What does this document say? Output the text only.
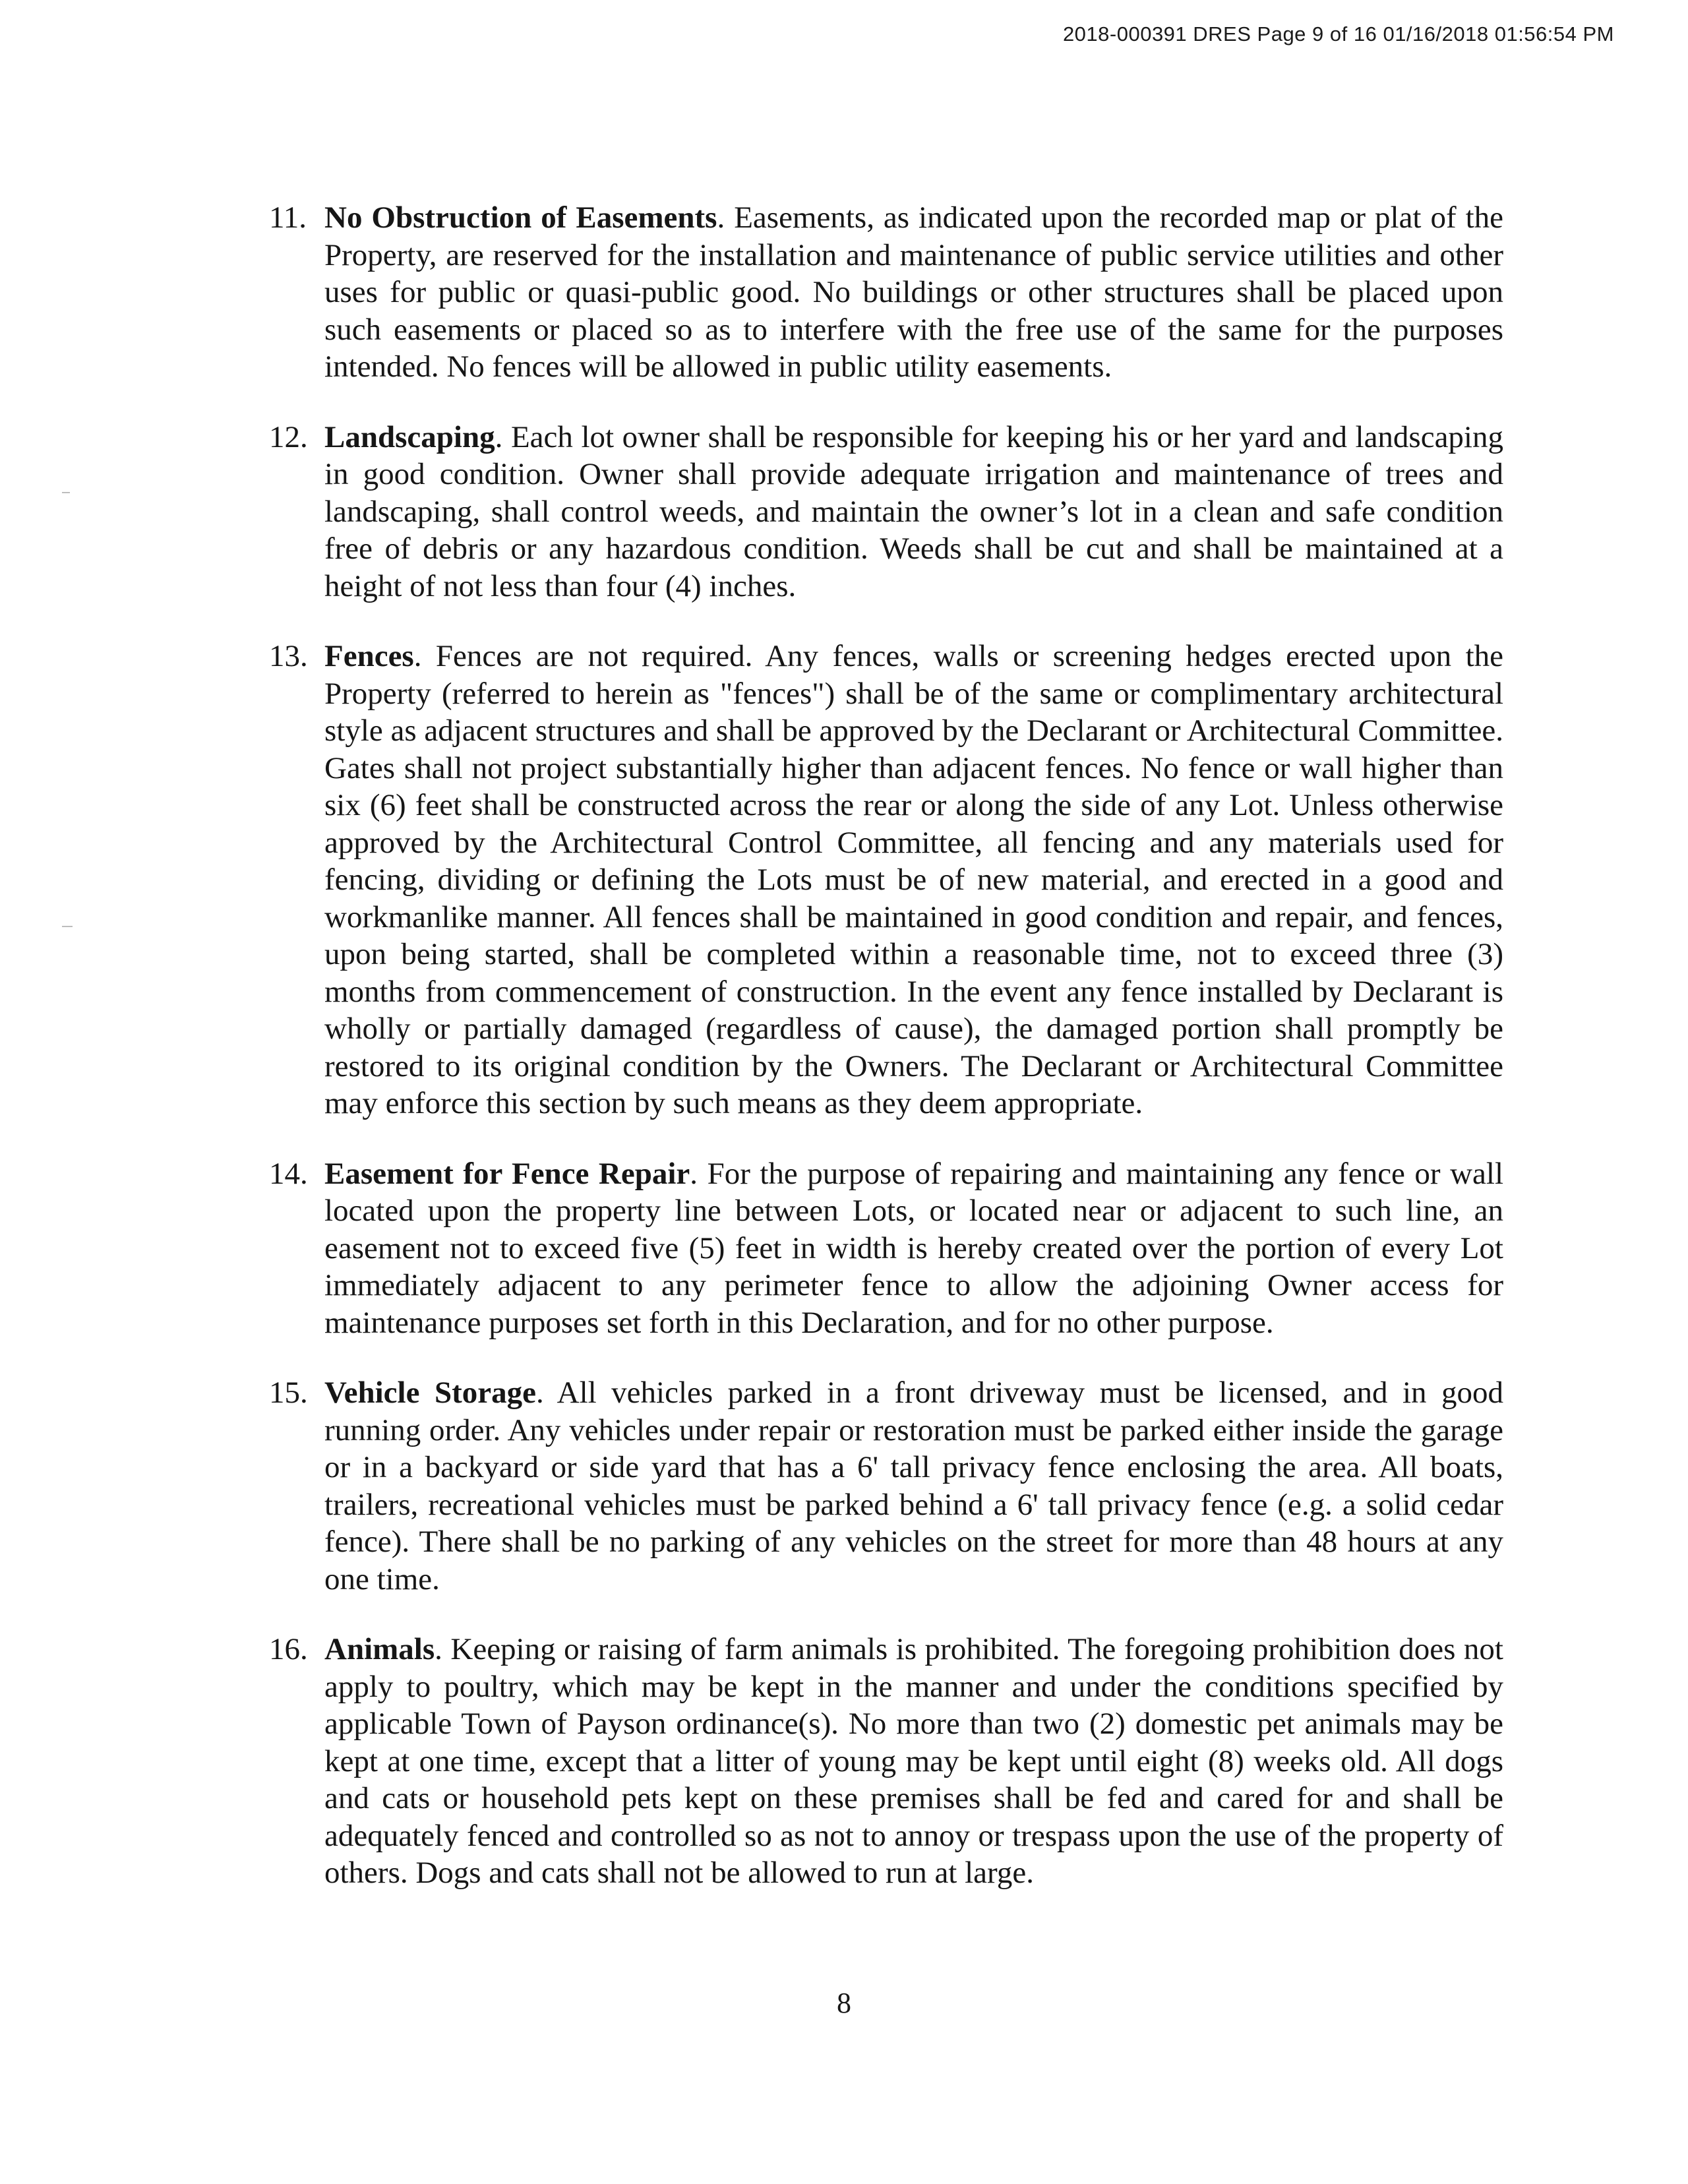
2018-000391 DRES Page 9 of 16 01/16/2018 01:56:54 PM
11. No Obstruction of Easements. Easements, as indicated upon the recorded map or plat of the Property, are reserved for the installation and maintenance of public service utilities and other uses for public or quasi-public good. No buildings or other structures shall be placed upon such easements or placed so as to interfere with the free use of the same for the purposes intended. No fences will be allowed in public utility easements.
12. Landscaping. Each lot owner shall be responsible for keeping his or her yard and landscaping in good condition. Owner shall provide adequate irrigation and maintenance of trees and landscaping, shall control weeds, and maintain the owner’s lot in a clean and safe condition free of debris or any hazardous condition. Weeds shall be cut and shall be maintained at a height of not less than four (4) inches.
13. Fences. Fences are not required. Any fences, walls or screening hedges erected upon the Property (referred to herein as "fences") shall be of the same or complimentary architectural style as adjacent structures and shall be approved by the Declarant or Architectural Committee. Gates shall not project substantially higher than adjacent fences. No fence or wall higher than six (6) feet shall be constructed across the rear or along the side of any Lot. Unless otherwise approved by the Architectural Control Committee, all fencing and any materials used for fencing, dividing or defining the Lots must be of new material, and erected in a good and workmanlike manner. All fences shall be maintained in good condition and repair, and fences, upon being started, shall be completed within a reasonable time, not to exceed three (3) months from commencement of construction. In the event any fence installed by Declarant is wholly or partially damaged (regardless of cause), the damaged portion shall promptly be restored to its original condition by the Owners. The Declarant or Architectural Committee may enforce this section by such means as they deem appropriate.
14. Easement for Fence Repair. For the purpose of repairing and maintaining any fence or wall located upon the property line between Lots, or located near or adjacent to such line, an easement not to exceed five (5) feet in width is hereby created over the portion of every Lot immediately adjacent to any perimeter fence to allow the adjoining Owner access for maintenance purposes set forth in this Declaration, and for no other purpose.
15. Vehicle Storage. All vehicles parked in a front driveway must be licensed, and in good running order. Any vehicles under repair or restoration must be parked either inside the garage or in a backyard or side yard that has a 6' tall privacy fence enclosing the area. All boats, trailers, recreational vehicles must be parked behind a 6' tall privacy fence (e.g. a solid cedar fence). There shall be no parking of any vehicles on the street for more than 48 hours at any one time.
16. Animals. Keeping or raising of farm animals is prohibited. The foregoing prohibition does not apply to poultry, which may be kept in the manner and under the conditions specified by applicable Town of Payson ordinance(s). No more than two (2) domestic pet animals may be kept at one time, except that a litter of young may be kept until eight (8) weeks old. All dogs and cats or household pets kept on these premises shall be fed and cared for and shall be adequately fenced and controlled so as not to annoy or trespass upon the use of the property of others. Dogs and cats shall not be allowed to run at large.
8
